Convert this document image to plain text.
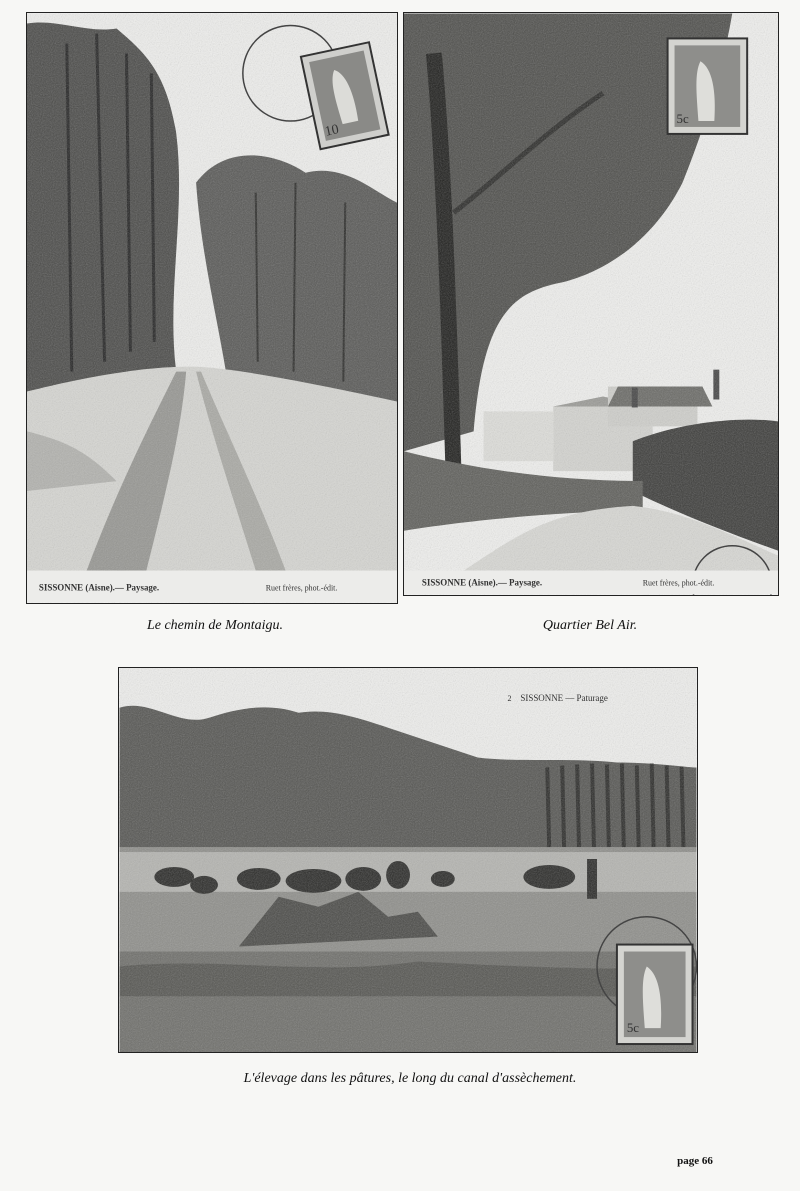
10
SISSONNE (Aisne).— Paysage.	Ruet frères, phot.-édit.
5c
SISSONNE (Aisne).— Paysage.	Ruet frères, phot.-édit.
2 SISSONNE — Paturage
5c
Le chemin de Montaigu.	Quartier Bel Air.
L'élevage dans les pâtures, le long du canal d'assèchement.
page 66
